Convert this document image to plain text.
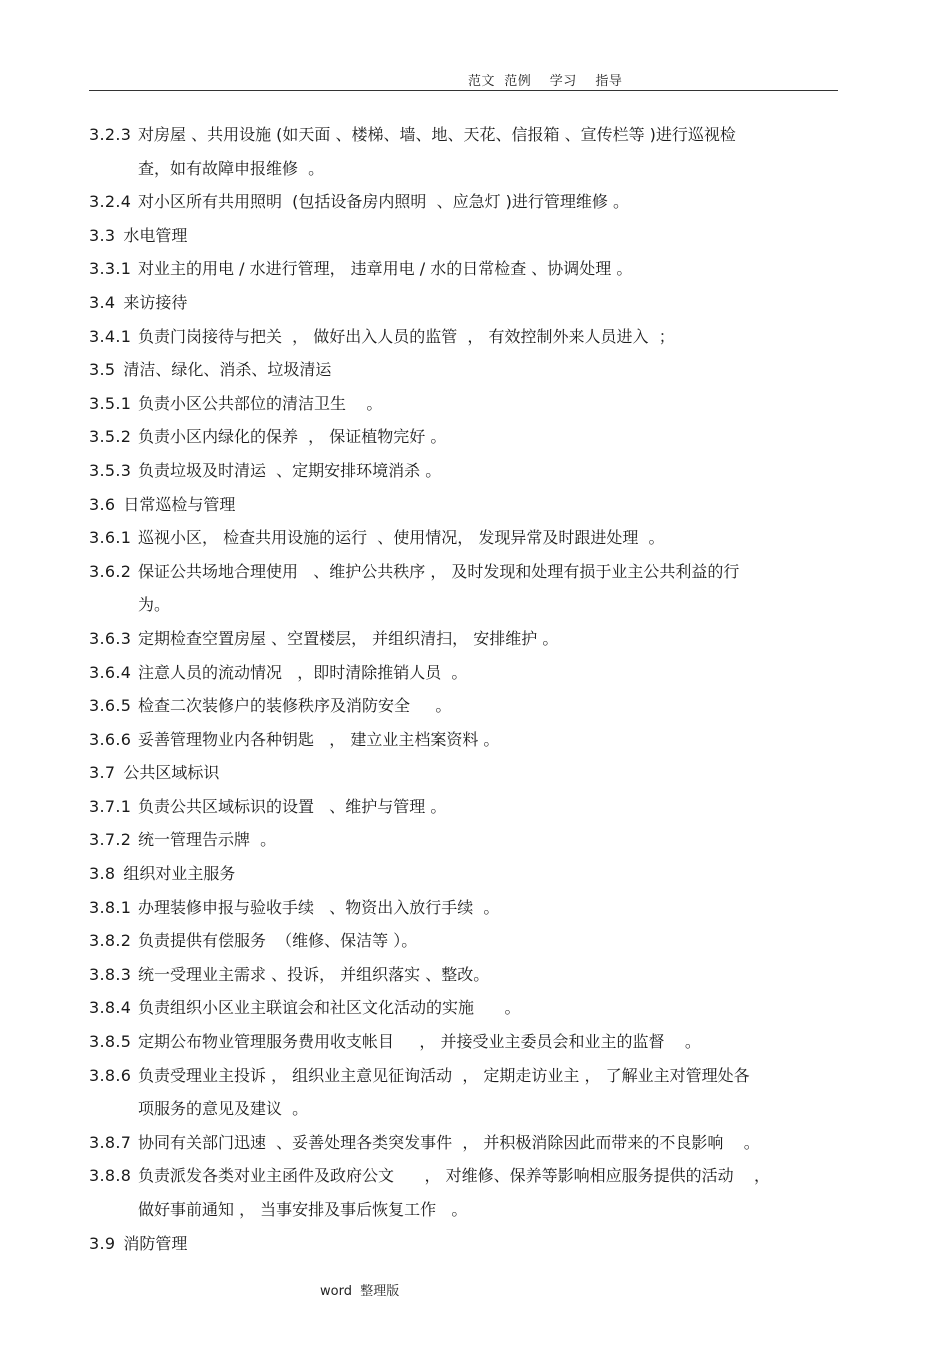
范文  范例    学习    指导
3.2.3 对房屋 、共用设施 (如天面 、楼梯、墙、地、天花、信报箱 、宣传栏等 )进行巡视检
查，如有故障申报维修  。
3.2.4 对小区所有共用照明  (包括设备房内照明  、应急灯 )进行管理维修 。
3.3 水电管理
3.3.1 对业主的用电 / 水进行管理， 违章用电 / 水的日常检查 、协调处理 。
3.4 来访接待
3.4.1 负责门岗接待与把关  ， 做好出入人员的监管  ， 有效控制外来人员进入  ；
3.5 清洁、绿化、消杀、垃圾清运
3.5.1 负责小区公共部位的清洁卫生    。
3.5.2 负责小区内绿化的保养  ， 保证植物完好 。
3.5.3 负责垃圾及时清运  、定期安排环境消杀 。
3.6 日常巡检与管理
3.6.1 巡视小区， 检查共用设施的运行  、使用情况， 发现异常及时跟进处理  。
3.6.2 保证公共场地合理使用   、维护公共秩序 ， 及时发现和处理有损于业主公共利益的行
为。
3.6.3 定期检查空置房屋 、空置楼层， 并组织清扫， 安排维护 。
3.6.4 注意人员的流动情况   ，即时清除推销人员  。
3.6.5 检查二次装修户的装修秩序及消防安全     。
3.6.6 妥善管理物业内各种钥匙   ， 建立业主档案资料 。
3.7 公共区域标识
3.7.1 负责公共区域标识的设置   、维护与管理 。
3.7.2 统一管理告示牌  。
3.8 组织对业主服务
3.8.1 办理装修申报与验收手续   、物资出入放行手续  。
3.8.2 负责提供有偿服务  （维修、保洁等 ）。
3.8.3 统一受理业主需求 、投诉， 并组织落实 、整改。
3.8.4 负责组织小区业主联谊会和社区文化活动的实施      。
3.8.5 定期公布物业管理服务费用收支帐目     ， 并接受业主委员会和业主的监督    。
3.8.6 负责受理业主投诉 ， 组织业主意见征询活动  ， 定期走访业主 ， 了解业主对管理处各
项服务的意见及建议  。
3.8.7 协同有关部门迅速  、妥善处理各类突发事件  ， 并积极消除因此而带来的不良影响    。
3.8.8 负责派发各类对业主函件及政府公文      ， 对维修、保养等影响相应服务提供的活动    ，
做好事前通知 ， 当事安排及事后恢复工作   。
3.9 消防管理
word  整理版
